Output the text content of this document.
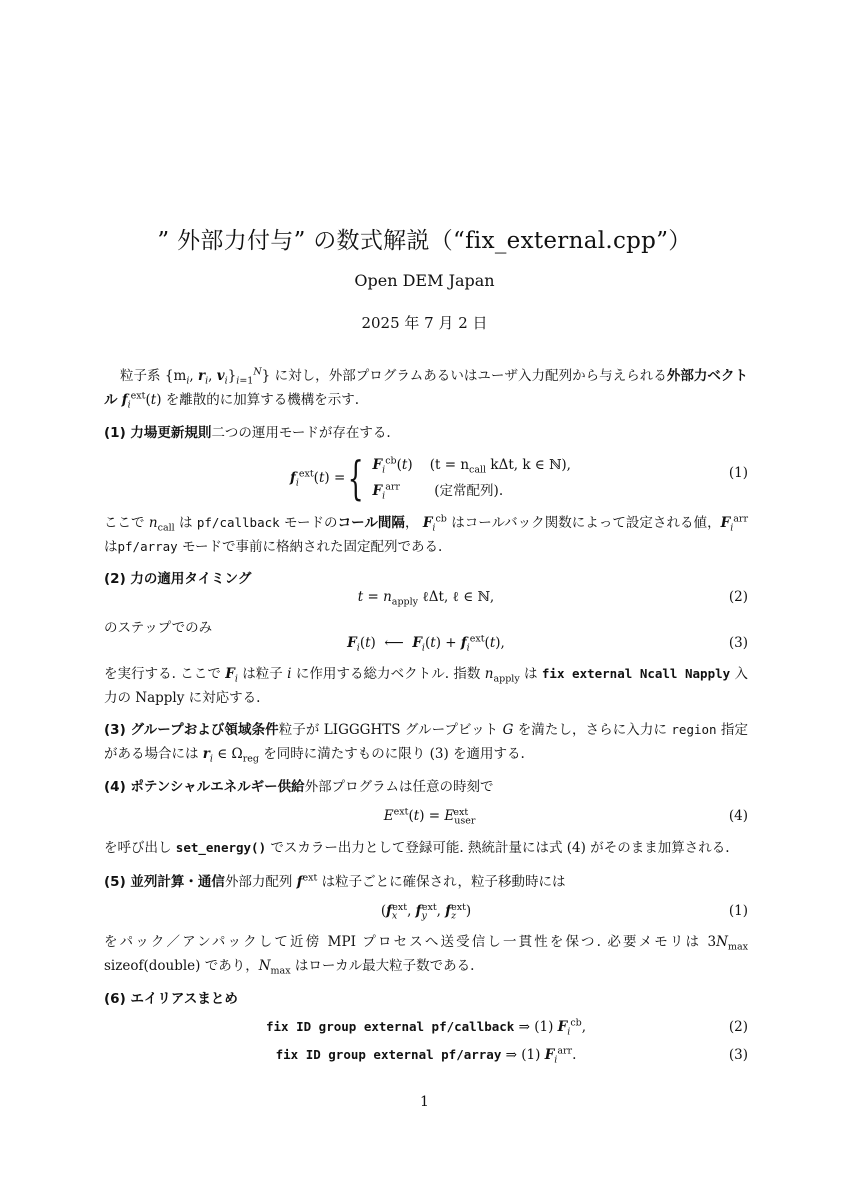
” 外部力付与” の数式解説（“fix_external.cpp”）
Open DEM Japan
2025 年 7 月 2 日
粒子系 {$m_i$, $r_i$, $v_i\}_{i=1}^N$} に対し，外部プログラムあるいはユーザ入力配列から与えられる外部力ベクトル $f_i^{ext}(t)$ を離散的に加算する機構を示す.
(1) 力場更新規則二つの運用モードが存在する.
$f_i^{ext}(t)$ = { $F_i^{cb}(t)$    ($t = n_{call}$ kΔt, k ∈ ℕ),
$F_i^{arr}$	(定常配列).
(1)
ここで $n_{call}$ は pf/callback モードのコール間隔， $F_i^{cb}$ はコールバック関数によって設定される値，$F_i^{arr}$ はpf/array モードで事前に格納された固定配列である.
(2) 力の適用タイミング
$t = n_{apply}$ ℓΔt, ℓ ∈ ℕ,	(2)
のステップでのみ
$F_i(t)$  ⟵  $F_i(t) + f_i^{ext}(t)$,	(3)
を実行する. ここで $F_i$ は粒子 i に作用する総力ベクトル. 指数 $n_{apply}$ は fix external Ncall Napply 入力の Napply に対応する.
(3) グループおよび領域条件粒子が LIGGGHTS グループビット G を満たし，さらに入力に region 指定がある場合には $r_i$ ∈ $\Omega_{reg}$ を同時に満たすものに限り (3) を適用する.
(4) ポテンシャルエネルギー供給外部プログラムは任意の時刻で
$E^{ext}(t) = E_{user}^{ext}$	(4)
を呼び出し set_energy() でスカラー出力として登録可能. 熱統計量には式 (4) がそのまま加算される.
(5) 並列計算・通信外部力配列 $f^{ext}$ は粒子ごとに確保され，粒子移動時には
($f_x^{ext}$, $f_y^{ext}$, $f_z^{ext}$)	(1)
をパック／アンパックして近傍 MPI プロセスへ送受信し一貫性を保つ. 必要メモリは $3N_{max}$ sizeof(double) であり，$N_{max}$ はローカル最大粒子数である.
(6) エイリアスまとめ
fix ID group external pf/callback ⇒ (1) $F_i^{cb}$,	(2)
fix ID group external pf/array ⇒ (1) $F_i^{arr}$.	(3)
1
